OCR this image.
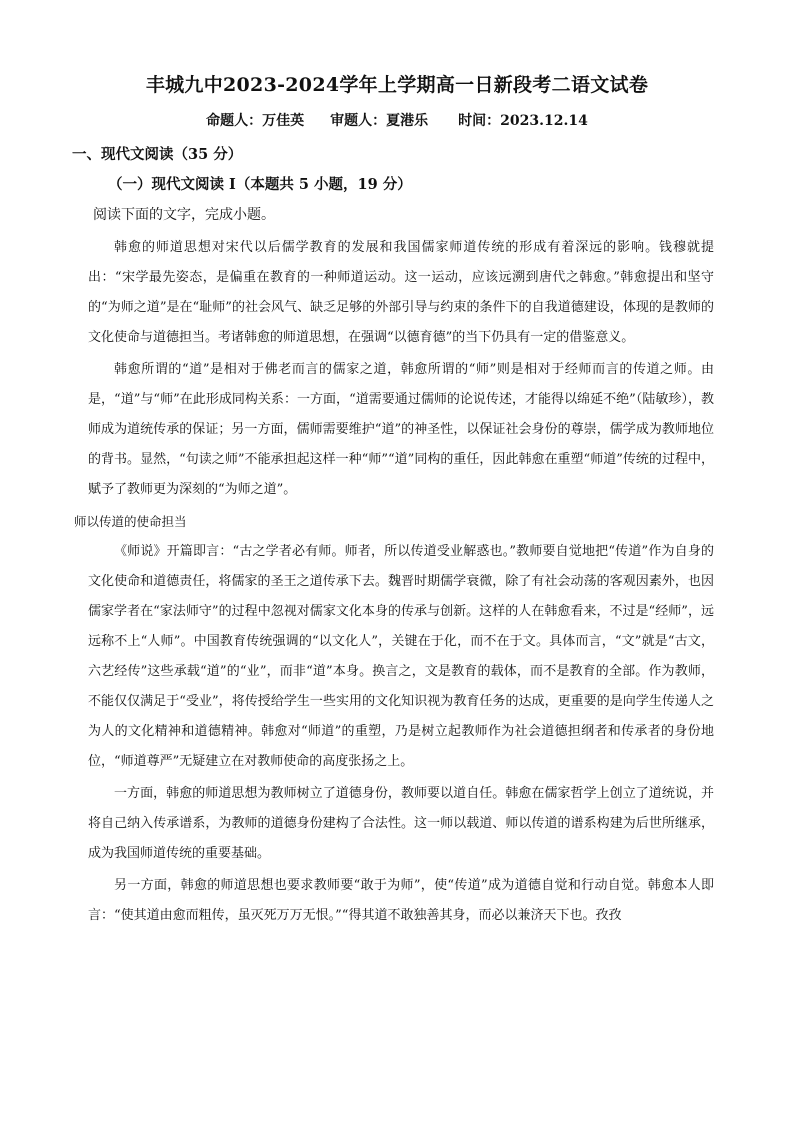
丰城九中2023-2024学年上学期高一日新段考二语文试卷
命题人：万佳英 审题人：夏港乐 时间：2023.12.14
一、现代文阅读（35 分）
（一）现代文阅读 I（本题共 5 小题，19 分）
阅读下面的文字，完成小题。

韩愈的师道思想对宋代以后儒学教育的发展和我国儒家师道传统的形成有着深远的影响。钱穆就提出：“宋学最先姿态，是偏重在教育的一种师道运动。这一运动，应该远溯到唐代之韩愈。”韩愈提出和坚守的“为师之道”是在“耻师”的社会风气、缺乏足够的外部引导与约束的条件下的自我道德建设，体现的是教师的文化使命与道德担当。考诸韩愈的师道思想，在强调“以德育德”的当下仍具有一定的借鉴意义。

韩愈所谓的“道”是相对于佛老而言的儒家之道，韩愈所谓的“师”则是相对于经师而言的传道之师。由是，“道”与“师”在此形成同构关系：一方面，“道需要通过儒师的论说传述，才能得以绵延不绝”（陆敏珍），教师成为道统传承的保证；另一方面，儒师需要维护“道”的神圣性，以保证社会身份的尊崇，儒学成为教师地位的背书。显然，“句读之师”不能承担起这样一种“师”“道”同构的重任，因此韩愈在重塑“师道”传统的过程中，赋予了教师更为深刻的“为师之道”。

师以传道的使命担当

《师说》开篇即言：“古之学者必有师。师者，所以传道受业解惑也。”教师要自觉地把“传道”作为自身的文化使命和道德责任，将儒家的圣王之道传承下去。魏晋时期儒学衰微，除了有社会动荡的客观因素外，也因儒家学者在“家法师守”的过程中忽视对儒家文化本身的传承与创新。这样的人在韩愈看来，不过是“经师”，远远称不上“人师”。中国教育传统强调的“以文化人”，关键在于化，而不在于文。具体而言，“文”就是“古文，六艺经传”这些承载“道”的“业”，而非“道”本身。换言之，文是教育的载体，而不是教育的全部。作为教师，不能仅仅满足于“受业”，将传授给学生一些实用的文化知识视为教育任务的达成，更重要的是向学生传递人之为人的文化精神和道德精神。韩愈对“师道”的重塑，乃是树立起教师作为社会道德担纲者和传承者的身份地位，“师道尊严”无疑建立在对教师使命的高度张扬之上。

一方面，韩愈的师道思想为教师树立了道德身份，教师要以道自任。韩愈在儒家哲学上创立了道统说，并将自己纳入传承谱系，为教师的道德身份建构了合法性。这一师以载道、师以传道的谱系构建为后世所继承，成为我国师道传统的重要基础。

另一方面，韩愈的师道思想也要求教师要“敢于为师”，使“传道”成为道德自觉和行动自觉。韩愈本人即言：“使其道由愈而粗传，虽灭死万万无恨。”“得其道不敢独善其身，而必以兼济天下也。孜孜
